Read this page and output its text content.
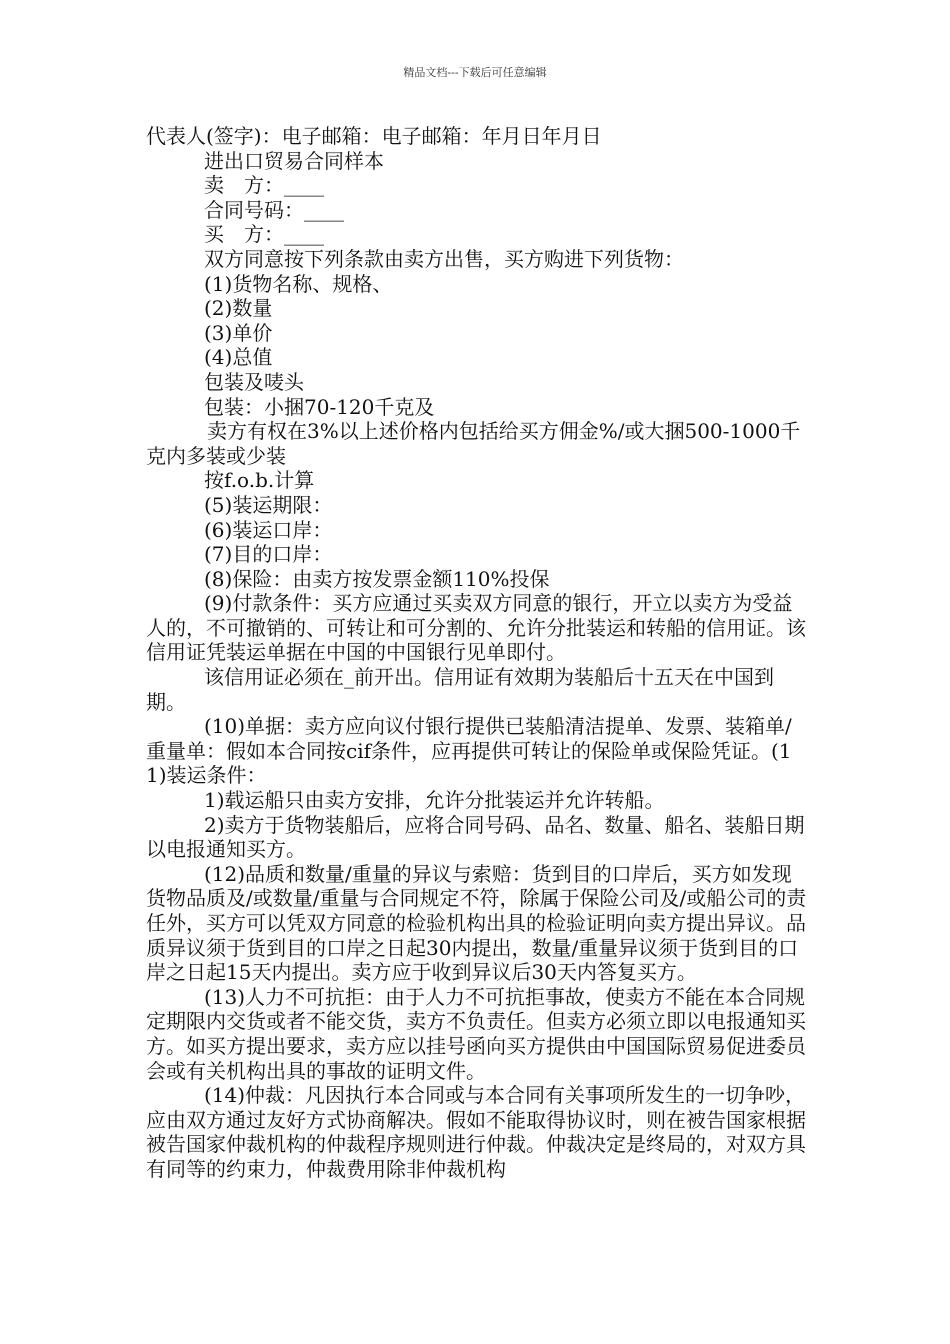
精品文档---下载后可任意编辑
代表人(签字)：电子邮箱：电子邮箱：年月日年月日
进出口贸易合同样本
卖　方：____
合同号码：____
买　方：____
双方同意按下列条款由卖方出售，买方购进下列货物：
(1)货物名称、规格、
(2)数量
(3)单价
(4)总值
包装及唛头
包装：小捆70-120千克及
卖方有权在3%以上述价格内包括给买方佣金%/或大捆500-1000千克内多装或少装
按f.o.b.计算
(5)装运期限：
(6)装运口岸：
(7)目的口岸：
(8)保险：由卖方按发票金额110%投保
(9)付款条件：买方应通过买卖双方同意的银行，开立以卖方为受益人的，不可撤销的、可转让和可分割的、允许分批装运和转船的信用证。该信用证凭装运单据在中国的中国银行见单即付。
该信用证必须在_前开出。信用证有效期为装船后十五天在中国到期。
(10)单据：卖方应向议付银行提供已装船清洁提单、发票、装箱单/重量单：假如本合同按cif条件，应再提供可转让的保险单或保险凭证。(11)装运条件：
1)载运船只由卖方安排，允许分批装运并允许转船。
2)卖方于货物装船后，应将合同号码、品名、数量、船名、装船日期以电报通知买方。
(12)品质和数量/重量的异议与索赔：货到目的口岸后，买方如发现货物品质及/或数量/重量与合同规定不符，除属于保险公司及/或船公司的责任外，买方可以凭双方同意的检验机构出具的检验证明向卖方提出异议。品质异议须于货到目的口岸之日起30内提出，数量/重量异议须于货到目的口岸之日起15天内提出。卖方应于收到异议后30天内答复买方。
(13)人力不可抗拒：由于人力不可抗拒事故，使卖方不能在本合同规定期限内交货或者不能交货，卖方不负责任。但卖方必须立即以电报通知买方。如买方提出要求，卖方应以挂号函向买方提供由中国国际贸易促进委员会或有关机构出具的事故的证明文件。
(14)仲裁：凡因执行本合同或与本合同有关事项所发生的一切争吵，应由双方通过友好方式协商解决。假如不能取得协议时，则在被告国家根据被告国家仲裁机构的仲裁程序规则进行仲裁。仲裁决定是终局的，对双方具有同等的约束力，仲裁费用除非仲裁机构
